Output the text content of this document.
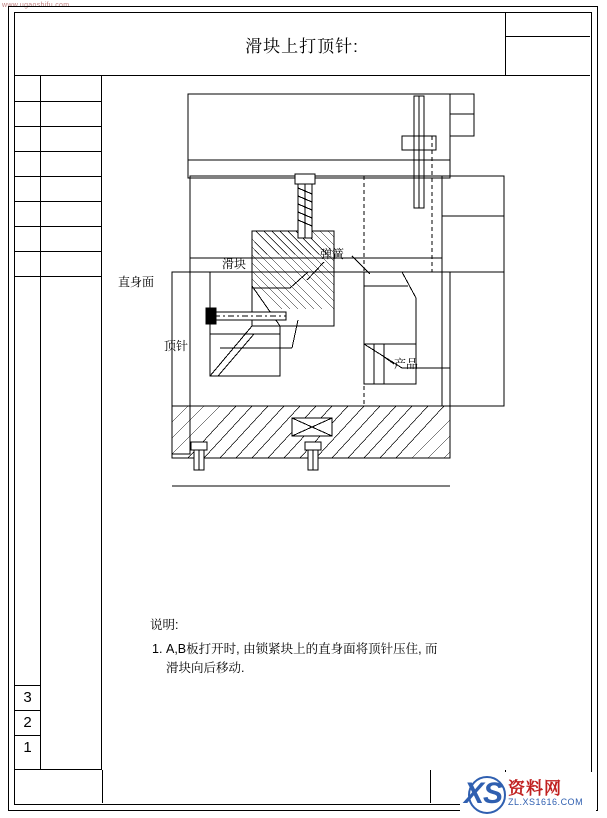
www.ugaoshifu.com
滑块上打顶针:
3
2
1
直身面
滑块
弹簧
顶针
产品
说明:
1. A,B板打开时, 由锁紧块上的直身面将顶针压住, 而
滑块向后移动.
XS 资料网
ZL.XS1616.COM
